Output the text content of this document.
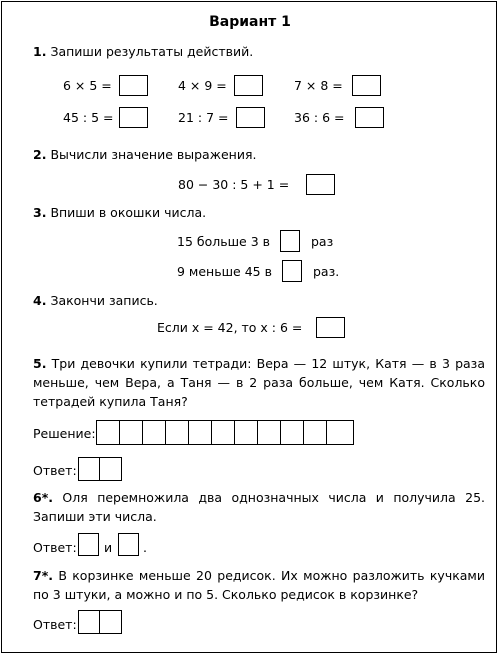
Вариант 1
1. Запиши результаты действий.
6 × 5 =	4 × 9 =	7 × 8 =
45 : 5 =	21 : 7 =	36 : 6 =
2. Вычисли значение выражения.
80 − 30 : 5 + 1 =
3. Впиши в окошки числа.
15 больше 3 в	раз
9 меньше 45 в	раз.
4. Закончи запись.
Если x = 42, то x : 6 =
5. Три девочки купили тетради: Вера — 12 штук, Катя — в 3 раза меньше, чем Вера, а Таня — в 2 раза больше, чем Катя. Сколько тетрадей купила Таня?
Решение:
Ответ:
6*. Оля перемножила два однозначных числа и получила 25. Запиши эти числа.
Ответ: и .
7*. В корзинке меньше 20 редисок. Их можно разложить кучками по 3 штуки, а можно и по 5. Сколько редисок в корзинке?
Ответ:
